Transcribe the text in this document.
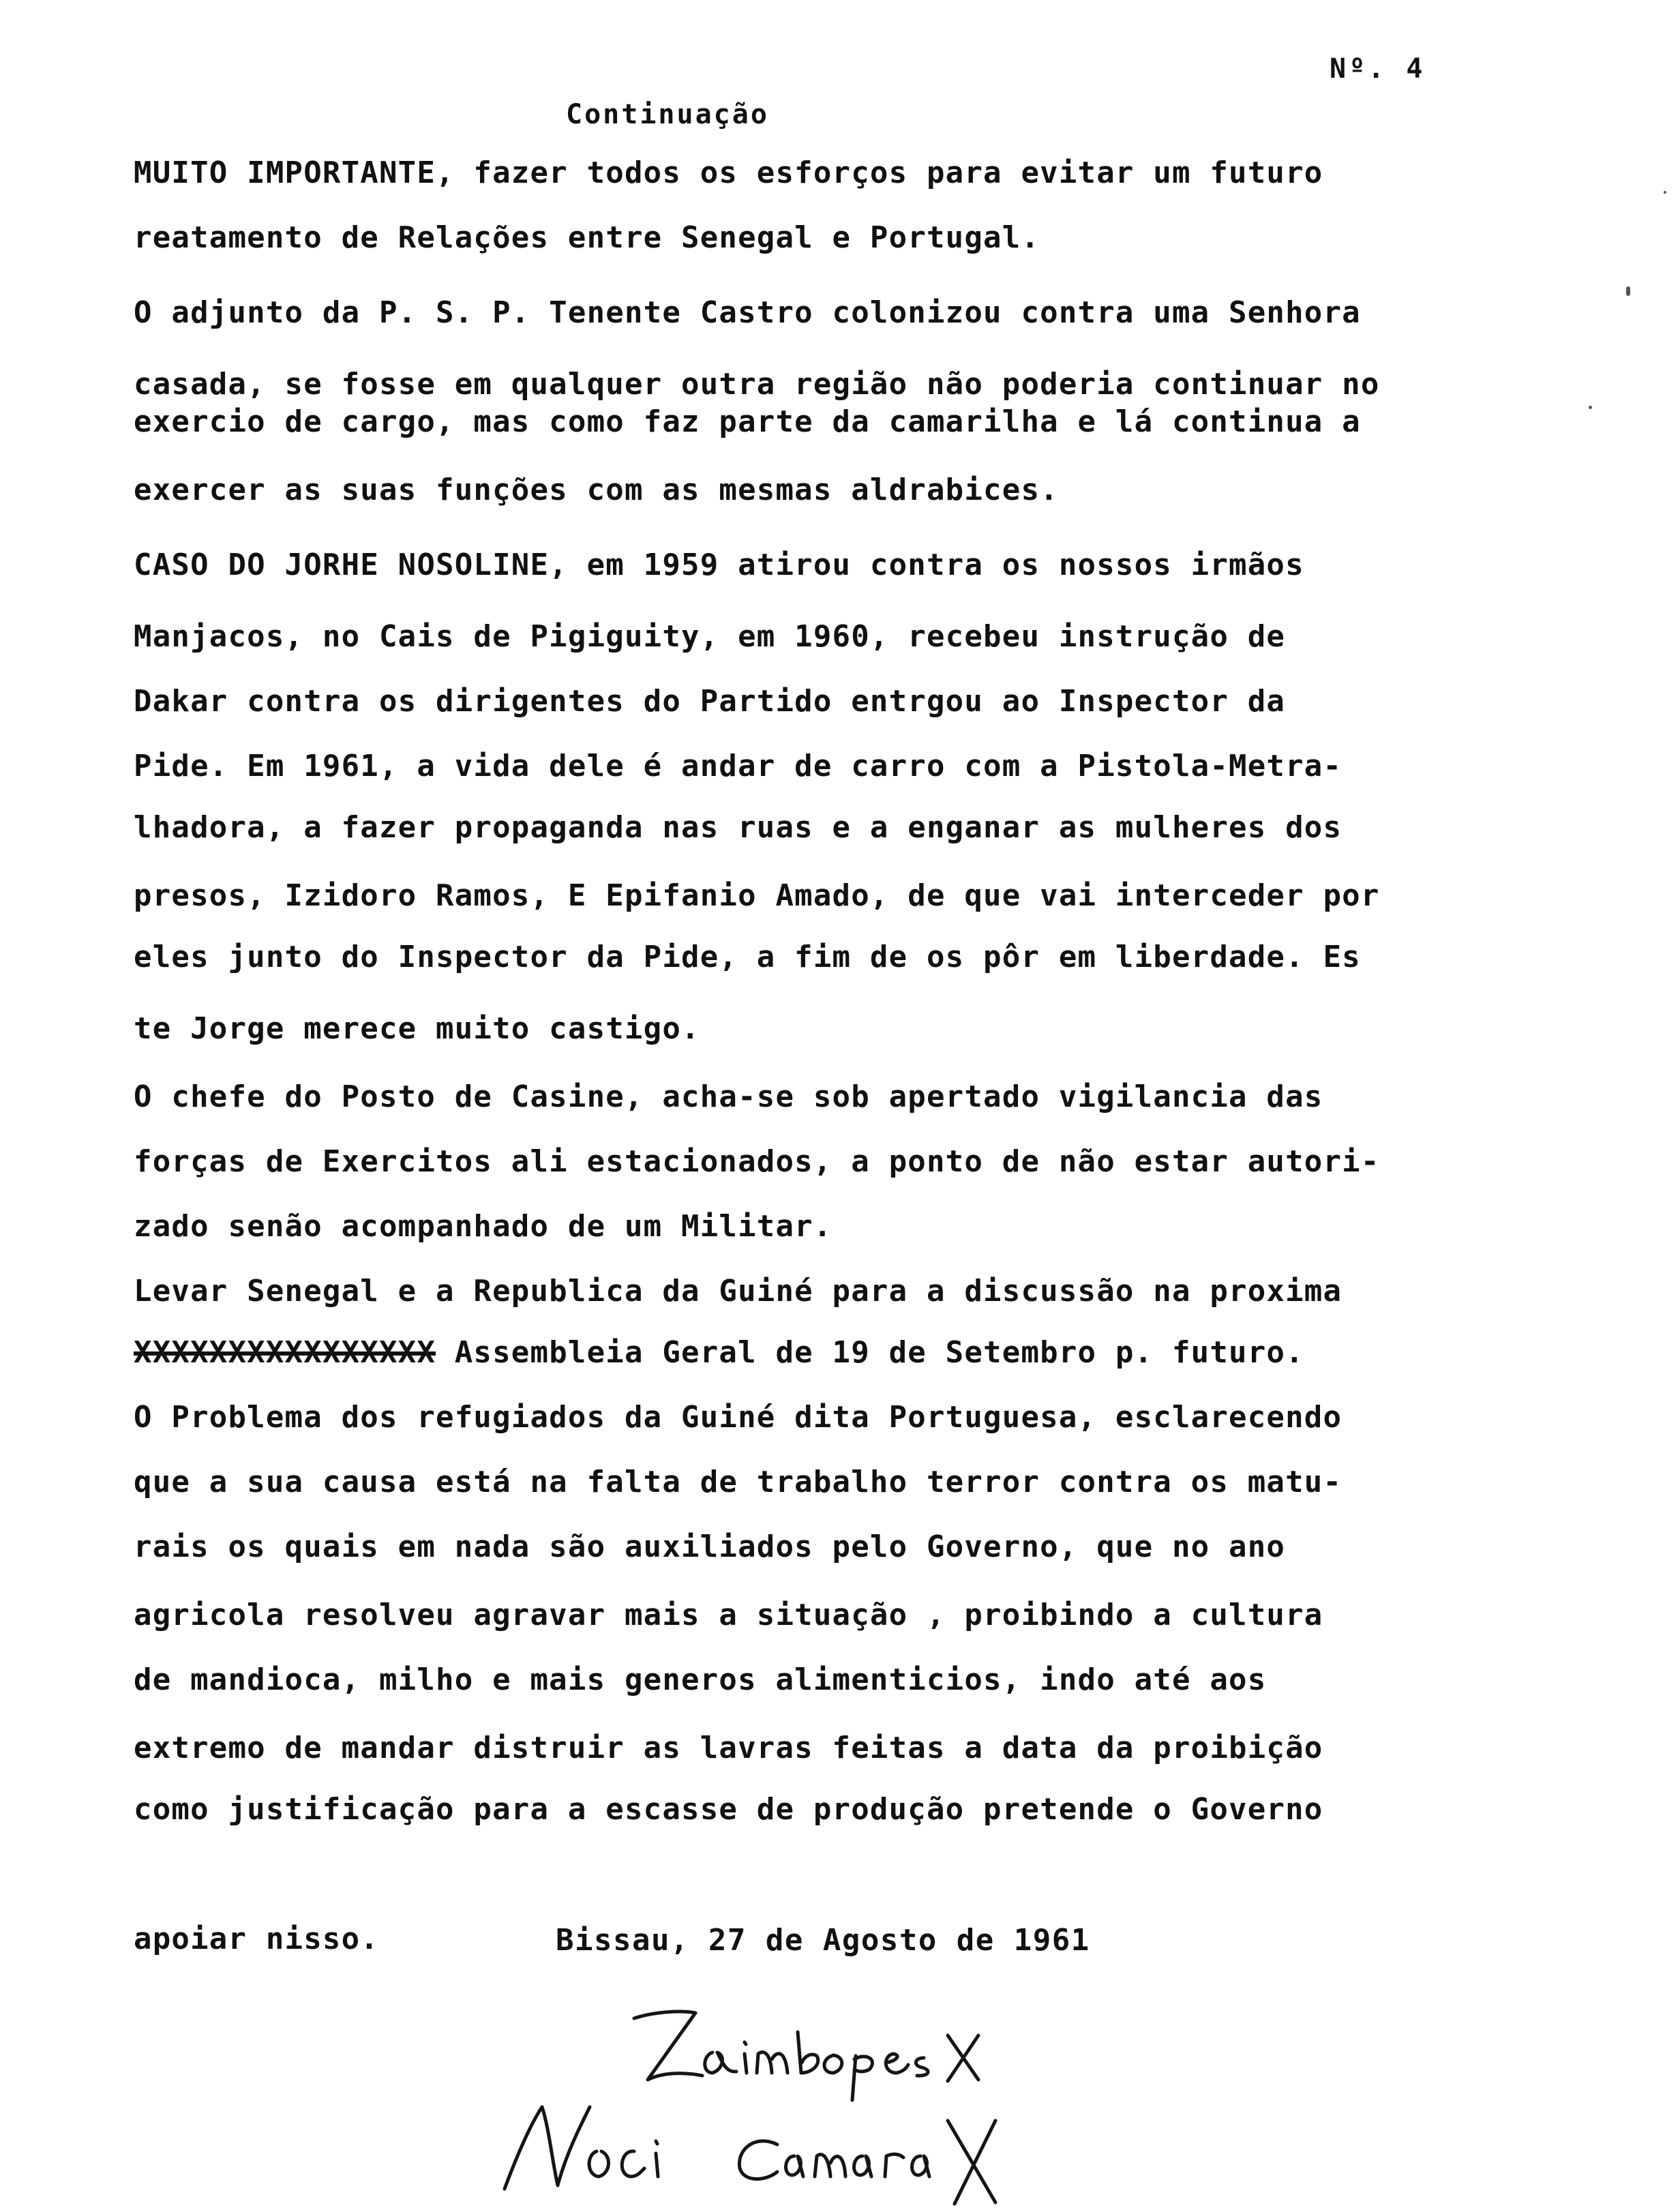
Nº. 4
Continuação
MUITO IMPORTANTE, fazer todos os esforços para evitar um futuro
reatamento de Relações entre Senegal e Portugal.
O adjunto da P. S. P. Tenente Castro colonizou contra uma Senhora
casada, se fosse em qualquer outra região não poderia continuar no
exercio de cargo, mas como faz parte da camarilha e lá continua a
exercer as suas funções com as mesmas aldrabices.
CASO DO JORHE NOSOLINE, em 1959 atirou contra os nossos irmãos
Manjacos, no Cais de Pigiguity, em 1960, recebeu instrução de
Dakar contra os dirigentes do Partido entrgou ao Inspector da
Pide. Em 1961, a vida dele é andar de carro com a Pistola-Metra-
lhadora, a fazer propaganda nas ruas e a enganar as mulheres dos
presos, Izidoro Ramos, E Epifanio Amado, de que vai interceder por
eles junto do Inspector da Pide, a fim de os pôr em liberdade. Es
te Jorge merece muito castigo.
O chefe do Posto de Casine, acha-se sob apertado vigilancia das
forças de Exercitos ali estacionados, a ponto de não estar autori-
zado senão acompanhado de um Militar.
Levar Senegal e a Republica da Guiné para a discussão na proxima
XXXXXXXXXXXXXXXX Assembleia Geral de 19 de Setembro p. futuro.
O Problema dos refugiados da Guiné dita Portuguesa, esclarecendo
que a sua causa está na falta de trabalho terror contra os matu-
rais os quais em nada são auxiliados pelo Governo, que no ano
agricola resolveu agravar mais a situação , proibindo a cultura
de mandioca, milho e mais generos alimenticios, indo até aos
extremo de mandar distruir as lavras feitas a data da proibição
como justificação para a escasse de produção pretende o Governo
apoiar nisso.	Bissau, 27 de Agosto de 1961
